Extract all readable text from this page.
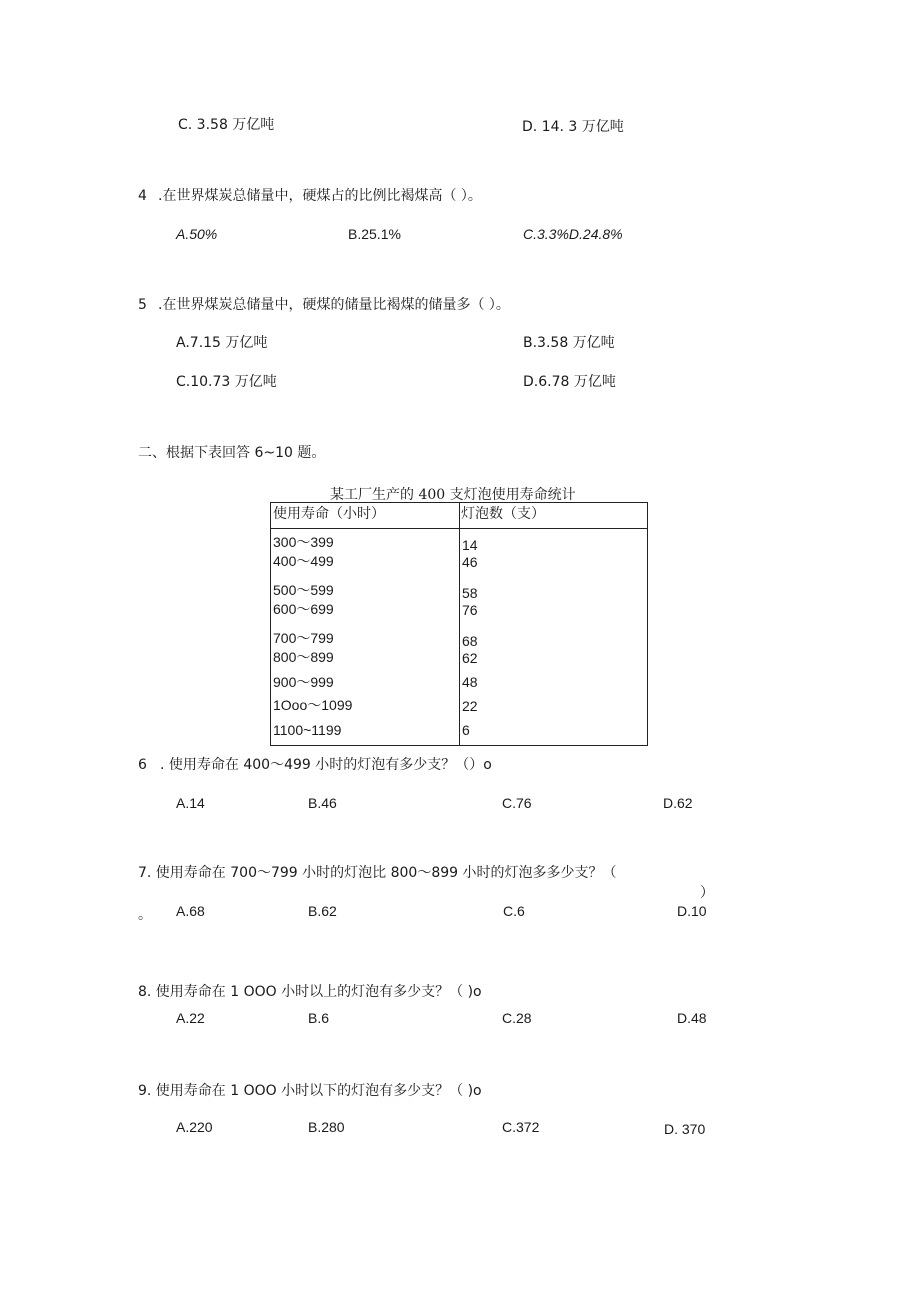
C. 3.58 万亿吨	D. 14. 3 万亿吨
4 .在世界煤炭总储量中，硬煤占的比例比褐煤高（ ）。
A.50%	B.25.1%	C.3.3%D.24.8%
5 .在世界煤炭总储量中，硬煤的储量比褐煤的储量多（ ）。
A.7.15 万亿吨	B.3.58 万亿吨
C.10.73 万亿吨	D.6.78 万亿吨
二、根据下表回答 6~10 题。
某工厂生产的 400 支灯泡使用寿命统计
使用寿命（小时）	灯泡数（支）
300～399	14
400～499	46
500～599	58
600～699	76
700～799	68
800～899	62
900～999	48
1Ooo～1099	22
1100~1199	6
6 . 使用寿命在 400～499 小时的灯泡有多少支？（）o
A.14	B.46	C.76	D.62
7. 使用寿命在 700～799 小时的灯泡比 800～899 小时的灯泡多多少支？（
）
。 A.68	B.62	C.6	D.10
8. 使用寿命在 1 OOO 小时以上的灯泡有多少支？（ )o
A.22	B.6	C.28	D.48
9. 使用寿命在 1 OOO 小时以下的灯泡有多少支？（ )o
A.220	B.280	C.372	D. 370
